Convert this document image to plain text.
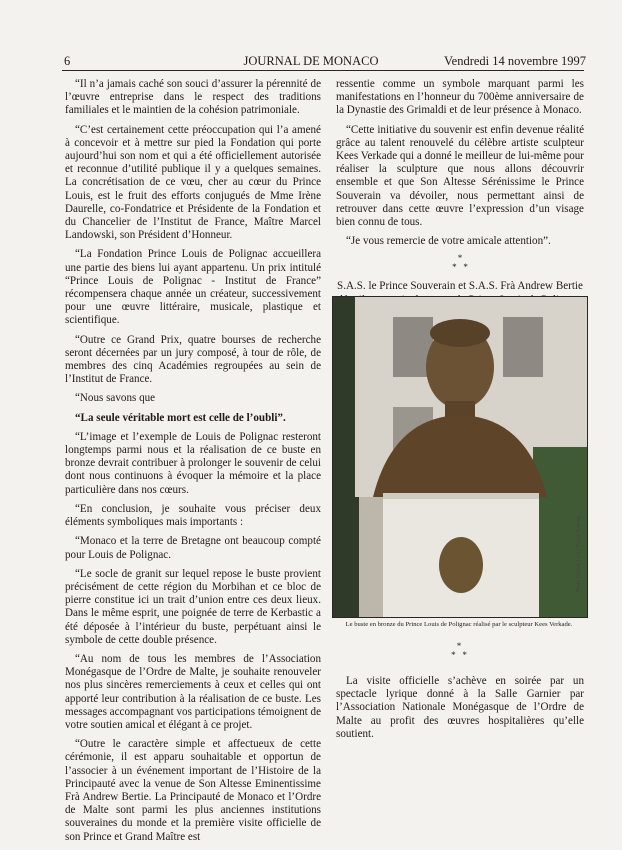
6	JOURNAL DE MONACO	Vendredi 14 novembre 1997

“Il n’a jamais caché son souci d’assurer la pérennité de l’œuvre entreprise dans le respect des traditions familiales et le maintien de la cohésion patrimoniale.

“C’est certainement cette préoccupation qui l’a amené à concevoir et à mettre sur pied la Fondation qui porte aujourd’hui son nom et qui a été officiellement autorisée et reconnue d’utilité publique il y a quelques semaines. La concrétisation de ce vœu, cher au cœur du Prince Louis, est le fruit des efforts conjugués de Mme Irène Daurelle, co-Fondatrice et Présidente de la Fondation et du Chancelier de l’Institut de France, Maître Marcel Landowski, son Président d’Honneur.

“La Fondation Prince Louis de Polignac accueillera une partie des biens lui ayant appartenu. Un prix intitulé “Prince Louis de Polignac - Institut de France” récompensera chaque année un créateur, successivement pour une œuvre littéraire, musicale, plastique et scientifique.

“Outre ce Grand Prix, quatre bourses de recherche seront décernées par un jury composé, à tour de rôle, de membres des cinq Académies regroupées au sein de l’Institut de France.

“Nous savons que

“La seule véritable mort est celle de l’oubli”.

“L’image et l’exemple de Louis de Polignac resteront longtemps parmi nous et la réalisation de ce buste en bronze devrait contribuer à prolonger le souvenir de celui dont nous continuons à évoquer la mémoire et la place particulière dans nos cœurs.

“En conclusion, je souhaite vous préciser deux éléments symboliques mais importants :

“Monaco et la terre de Bretagne ont beaucoup compté pour Louis de Polignac.

“Le socle de granit sur lequel repose le buste provient précisément de cette région du Morbihan et ce bloc de pierre constitue ici un trait d’union entre ces deux lieux. Dans le même esprit, une poignée de terre de Kerbastic a été déposée à l’intérieur du buste, perpétuant ainsi le symbole de cette double présence.

“Au nom de tous les membres de l’Association Monégasque de l’Ordre de Malte, je souhaite renouveler nos plus sincères remerciements à ceux et celles qui ont apporté leur contribution à la réalisation de ce buste. Les messages accompagnant vos participations témoignent de votre soutien amical et élégant à ce projet.

“Outre le caractère simple et affectueux de cette cérémonie, il est apparu souhaitable et opportun de l’associer à un événement important de l’Histoire de la Principauté avec la venue de Son Altesse Eminentissime Frà Andrew Bertie. La Principauté de Monaco et l’Ordre de Malte sont parmi les plus anciennes institutions souveraines du monde et la première visite officielle de son Prince et Grand Maître est

ressentie comme un symbole marquant parmi les manifestations en l’honneur du 700ème anniversaire de la Dynastie des Grimaldi et de leur présence à Monaco.

“Cette initiative du souvenir est enfin devenue réalité grâce au talent renouvelé du célèbre artiste sculpteur Kees Verkade qui a donné le meilleur de lui-même pour réaliser la sculpture que nous allons découvrir ensemble et que Son Altesse Sérénissime le Prince Souverain va dévoiler, nous permettant ainsi de retrouver dans cette œuvre l’expression d’un visage bien connu de tous.

“Je vous remercie de votre amicale attention”.

*
* *

S.A.S. le Prince Souverain et S.A.S. Frà Andrew Bertie

Photo Gaëtan Luci / Palais Princier
Le buste en bronze du Prince Louis de Polignac réalisé par le sculpteur Kees Verkade.
*
* *

La visite officielle s’achève en soirée par un spectacle lyrique donné à la Salle Garnier par l’Association Nationale Monégasque de l’Ordre de Malte au profit des œuvres hospitalières qu’elle soutient.
